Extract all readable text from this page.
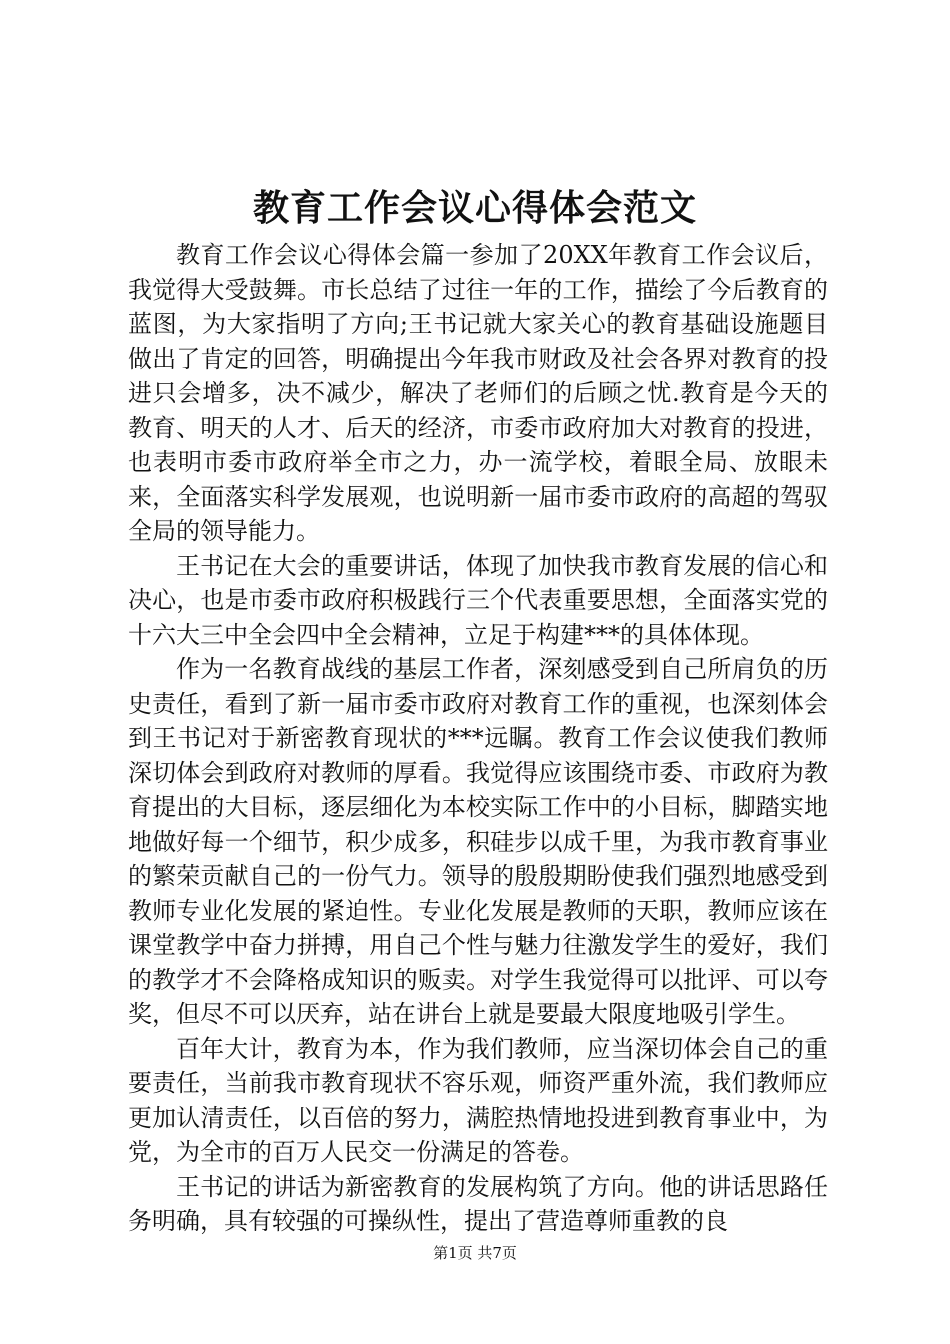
教育工作会议心得体会范文

教育工作会议心得体会篇一参加了20XX年教育工作会议后，我觉得大受鼓舞。市长总结了过往一年的工作，描绘了今后教育的蓝图，为大家指明了方向;王书记就大家关心的教育基础设施题目做出了肯定的回答，明确提出今年我市财政及社会各界对教育的投进只会增多，决不减少，解决了老师们的后顾之忧.教育是今天的教育、明天的人才、后天的经济，市委市政府加大对教育的投进，也表明市委市政府举全市之力，办一流学校，着眼全局、放眼未来，全面落实科学发展观，也说明新一届市委市政府的高超的驾驭全局的领导能力。

王书记在大会的重要讲话，体现了加快我市教育发展的信心和决心，也是市委市政府积极践行三个代表重要思想，全面落实党的十六大三中全会四中全会精神，立足于构建***的具体体现。

作为一名教育战线的基层工作者，深刻感受到自己所肩负的历史责任，看到了新一届市委市政府对教育工作的重视，也深刻体会到王书记对于新密教育现状的***远瞩。教育工作会议使我们教师深切体会到政府对教师的厚看。我觉得应该围绕市委、市政府为教育提出的大目标，逐层细化为本校实际工作中的小目标，脚踏实地地做好每一个细节，积少成多，积硅步以成千里，为我市教育事业的繁荣贡献自己的一份气力。领导的殷殷期盼使我们强烈地感受到教师专业化发展的紧迫性。专业化发展是教师的天职，教师应该在课堂教学中奋力拼搏，用自己个性与魅力往激发学生的爱好，我们的教学才不会降格成知识的贩卖。对学生我觉得可以批评、可以夸奖，但尽不可以厌弃，站在讲台上就是要最大限度地吸引学生。

百年大计，教育为本，作为我们教师，应当深切体会自己的重要责任，当前我市教育现状不容乐观，师资严重外流，我们教师应更加认清责任，以百倍的努力，满腔热情地投进到教育事业中，为党，为全市的百万人民交一份满足的答卷。

王书记的讲话为新密教育的发展构筑了方向。他的讲话思路任务明确，具有较强的可操纵性，提出了营造尊师重教的良

第1页 共7页
